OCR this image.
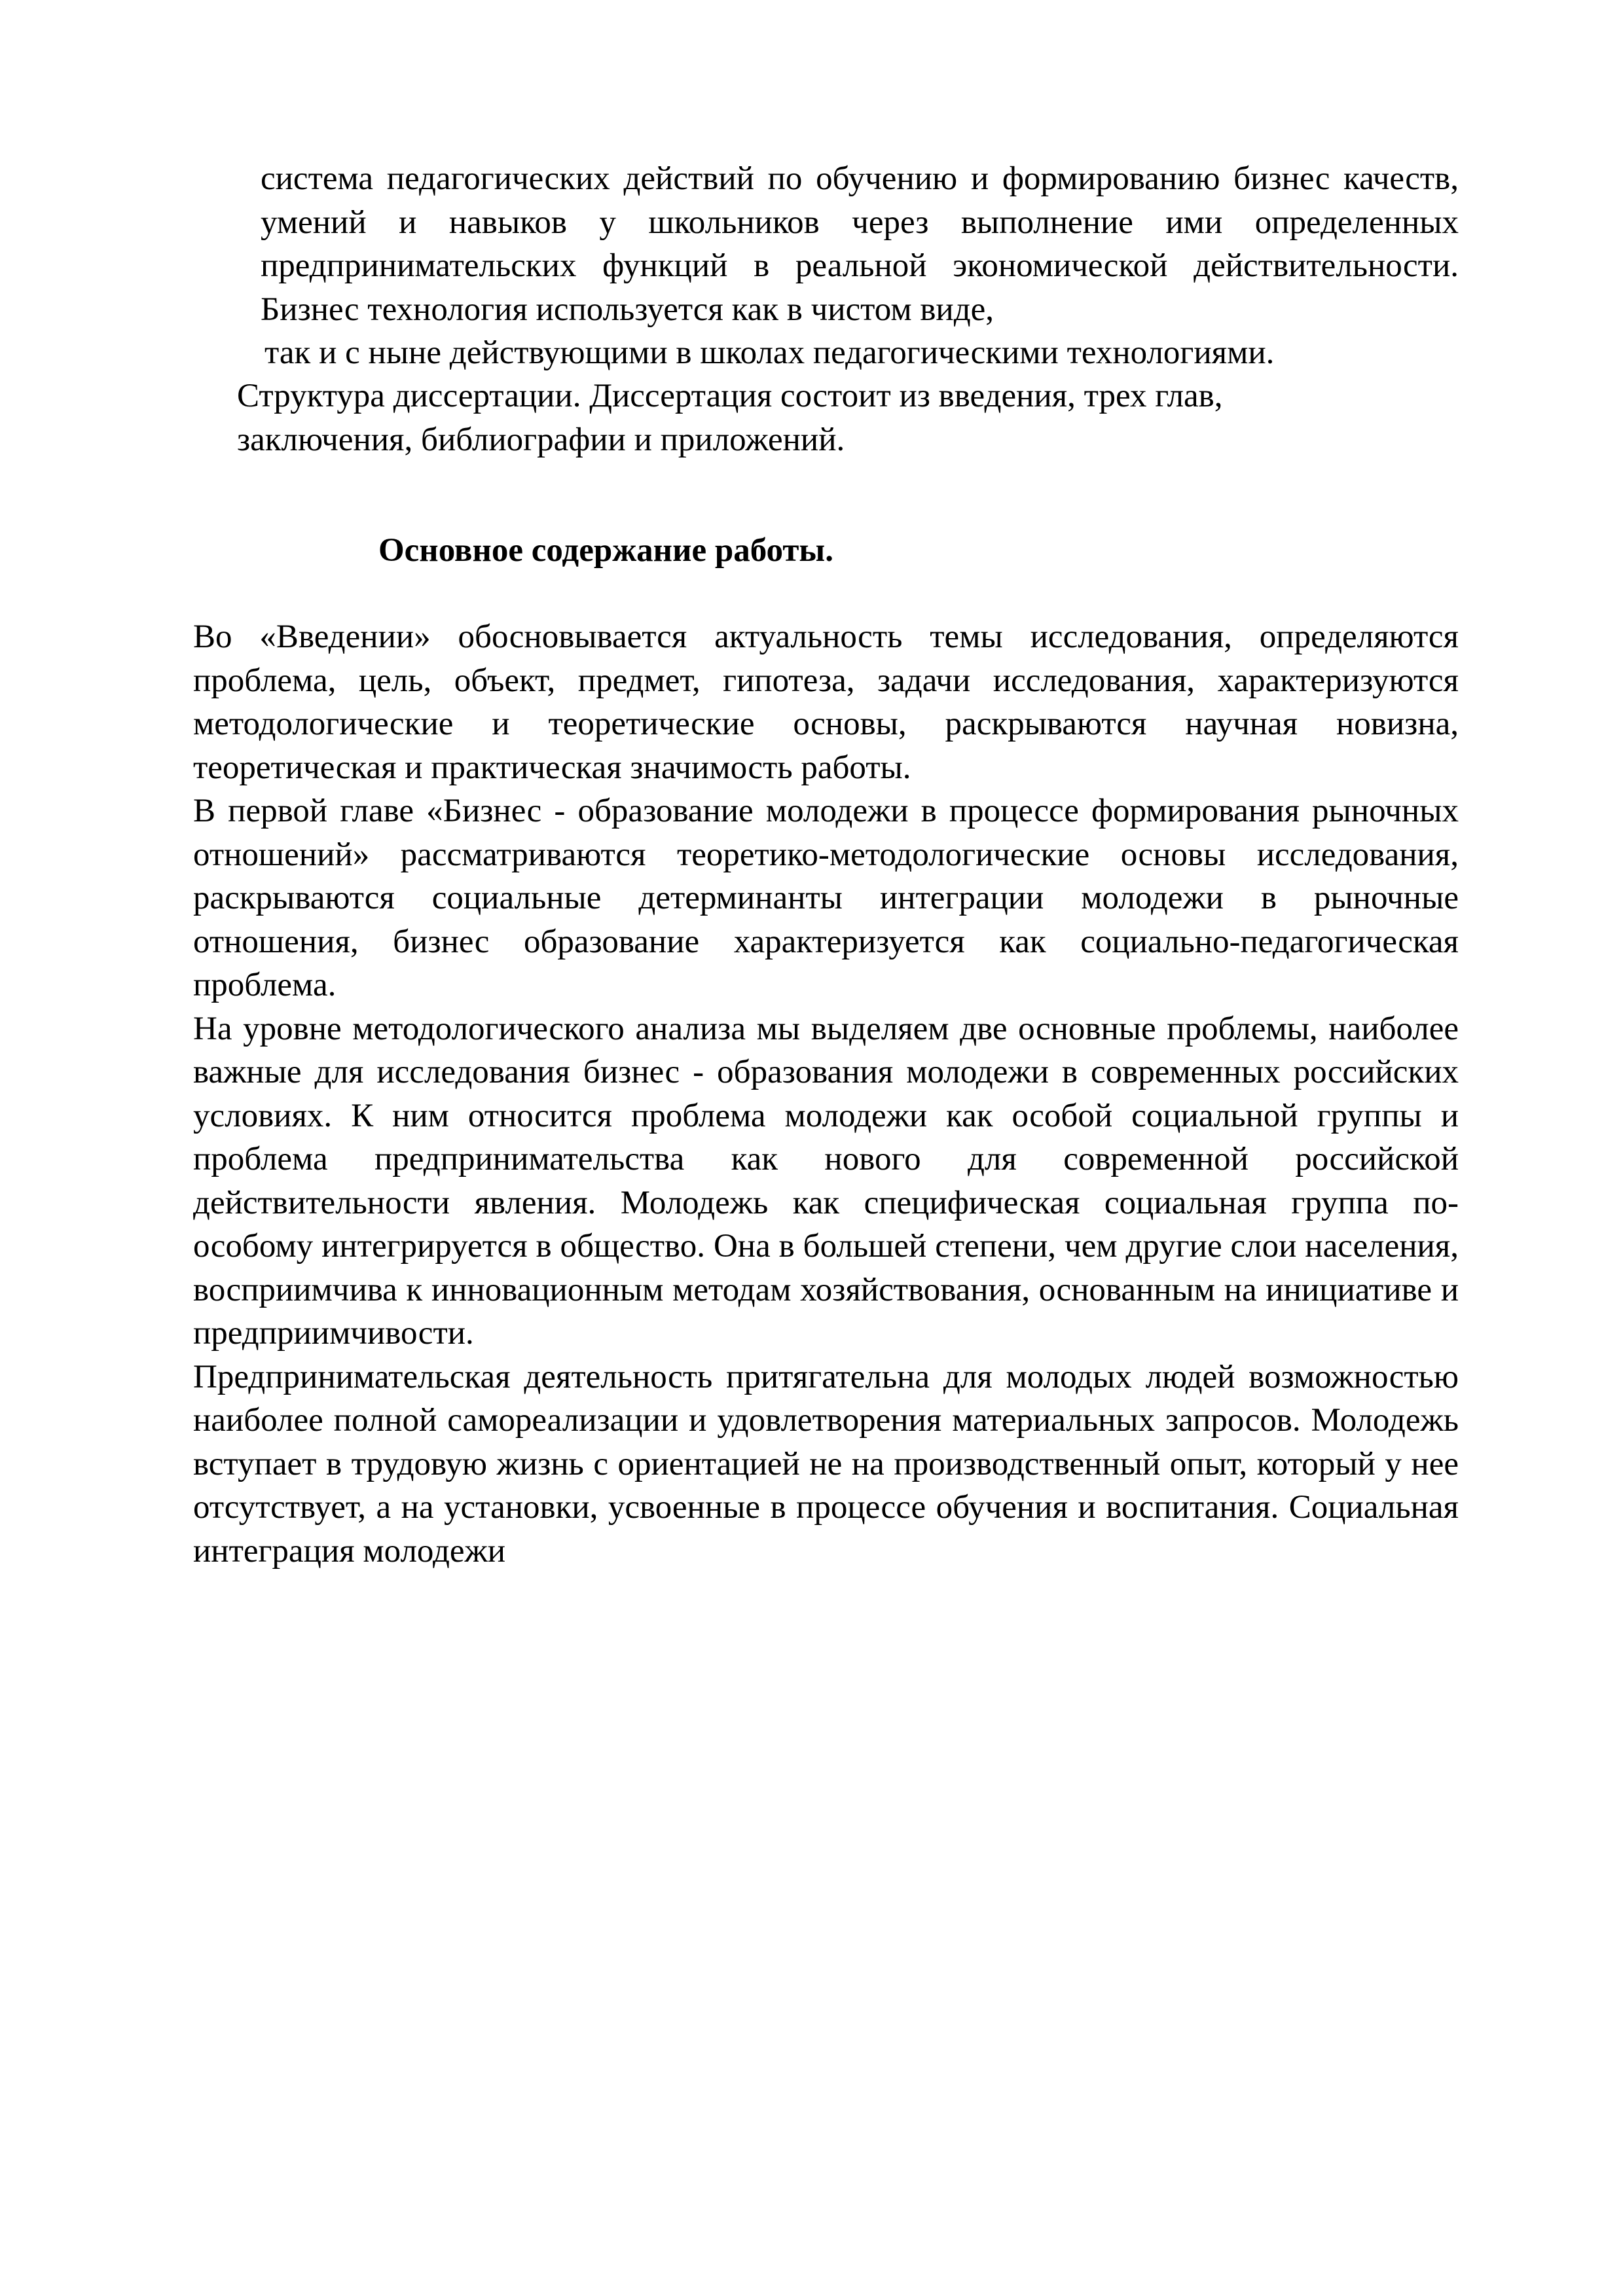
система педагогических действий по обучению и формированию бизнес качеств, умений и навыков у школьников через выполнение ими определенных предпринимательских функций в реальной экономической действительности. Бизнес технология используется как в чистом виде,

так и с ныне действующими в школах педагогическими технологиями.
Структура диссертации. Диссертация состоит из введения, трех глав,
заключения, библиографии и приложений.
Основное содержание работы.

Во «Введении» обосновывается актуальность темы исследования, определяются проблема, цель, объект, предмет, гипотеза, задачи исследования, характеризуются методологические и теоретические основы, раскрываются научная новизна, теоретическая и практическая значимость работы.

В первой главе «Бизнес - образование молодежи в процессе формирования рыночных отношений» рассматриваются теоретико-методологические основы исследования, раскрываются социальные детерминанты интеграции молодежи в рыночные отношения, бизнес образование характеризуется как социально-педагогическая проблема.

На уровне методологического анализа мы выделяем две основные проблемы, наиболее важные для исследования бизнес - образования молодежи в современных российских условиях. К ним относится проблема молодежи как особой социальной группы и проблема предпринимательства как нового для современной российской действительности явления. Молодежь как специфическая социальная группа по-особому интегрируется в общество. Она в большей степени, чем другие слои населения, восприимчива к инновационным методам хозяйствования, основанным на инициативе и предприимчивости.

Предпринимательская деятельность притягательна для молодых людей возможностью наиболее полной самореализации и удовлетворения материальных запросов. Молодежь вступает в трудовую жизнь с ориентацией не на производственный опыт, который у нее отсутствует, а на установки, усвоенные в процессе обучения и воспитания. Социальная интеграция молодежи
